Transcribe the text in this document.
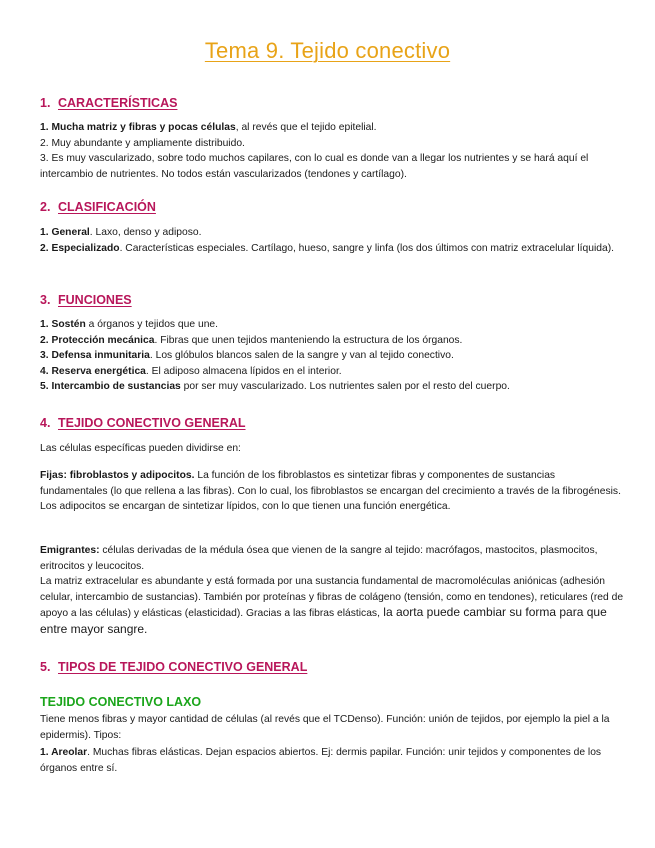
Tema 9. Tejido conectivo
1. CARACTERÍSTICAS
1. Mucha matriz y fibras y pocas células, al revés que el tejido epitelial.
2. Muy abundante y ampliamente distribuido.
3. Es muy vascularizado, sobre todo muchos capilares, con lo cual es donde van a llegar los nutrientes y se hará aquí el intercambio de nutrientes. No todos están vascularizados (tendones y cartílago).
2. CLASIFICACIÓN
1. General. Laxo, denso y adiposo.
2. Especializado. Características especiales. Cartílago, hueso, sangre y linfa (los dos últimos con matriz extracelular líquida).
3. FUNCIONES
1. Sostén a órganos y tejidos que une.
2. Protección mecánica. Fibras que unen tejidos manteniendo la estructura de los órganos.
3. Defensa inmunitaria. Los glóbulos blancos salen de la sangre y van al tejido conectivo.
4. Reserva energética. El adiposo almacena lípidos en el interior.
5. Intercambio de sustancias por ser muy vascularizado. Los nutrientes salen por el resto del cuerpo.
4. TEJIDO CONECTIVO GENERAL
Las células específicas pueden dividirse en:
Fijas: fibroblastos y adipocitos. La función de los fibroblastos es sintetizar fibras y componentes de sustancias fundamentales (lo que rellena a las fibras). Con lo cual, los fibroblastos se encargan del crecimiento a través de la fibrogénesis. Los adipocitos se encargan de sintetizar lípidos, con lo que tienen una función energética.
Emigrantes: células derivadas de la médula ósea que vienen de la sangre al tejido: macrófagos, mastocitos, plasmocitos, eritrocitos y leucocitos.
La matriz extracelular es abundante y está formada por una sustancia fundamental de macromoléculas aniónicas (adhesión celular, intercambio de sustancias). También por proteínas y fibras de colágeno (tensión, como en tendones), reticulares (red de apoyo a las células) y elásticas (elasticidad). Gracias a las fibras elásticas, la aorta puede cambiar su forma para que entre mayor sangre.
5. TIPOS DE TEJIDO CONECTIVO GENERAL
TEJIDO CONECTIVO LAXO
Tiene menos fibras y mayor cantidad de células (al revés que el TCDenso). Función: unión de tejidos, por ejemplo la piel a la epidermis). Tipos:
1. Areolar. Muchas fibras elásticas. Dejan espacios abiertos. Ej: dermis papilar. Función: unir tejidos y componentes de los órganos entre sí.
